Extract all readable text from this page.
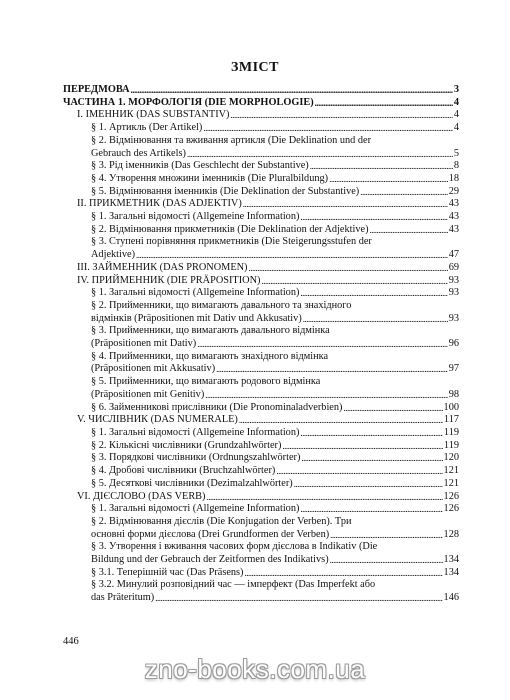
ЗМІСТ
ПЕРЕДМОВА .....	3
ЧАСТИНА 1. МОРФОЛОГІЯ (DIE MORPHOLOGIE) .....	4
I. ІМЕННИК (DAS SUBSTANTIV) .....	4
§ 1. Артикль (Der Artikel) .....	4
§ 2. Відмінювання та вживання артикля (Die Deklination und der
Gebrauch des Artikels) .....	5
§ 3. Рід іменників (Das Geschlecht der Substantive) .....	8
§ 4. Утворення множини іменників (Die Pluralbildung) .....	18
§ 5. Відмінювання іменників (Die Deklination der Substantive) .....	29
II. ПРИКМЕТНИК (DAS ADJEKTIV) .....	43
§ 1. Загальні відомості (Allgemeine Information) .....	43
§ 2. Відмінювання прикметників (Die Deklination der Adjektive) .....	43
§ 3. Ступені порівняння прикметників (Die Steigerungsstufen der
Adjektive) .....	47
III. ЗАЙМЕННИК (DAS PRONOMEN) .....	69
IV. ПРИЙМЕННИК (DIE PRÄPOSITION) .....	93
§ 1. Загальні відомості (Allgemeine Information) .....	93
§ 2. Прийменники, що вимагають давального та знахідного
відмінків (Präpositionen mit Dativ und Akkusativ) .....	93
§ 3. Прийменники, що вимагають давального відмінка
(Präpositionen mit Dativ) .....	96
§ 4. Прийменники, що вимагають знахідного відмінка
(Präpositionen mit Akkusativ) .....	97
§ 5. Прийменники, що вимагають родового відмінка
(Präpositionen mit Genitiv) .....	98
§ 6. Займенникові прислівники (Die Pronominaladverbien) .....	100
V. ЧИСЛІВНИК (DAS NUMERALE) .....	117
§ 1. Загальні відомості (Allgemeine Information) .....	119
§ 2. Кількісні числівники (Grundzahlwörter) .....	119
§ 3. Порядкові числівники (Ordnungszahlwörter) .....	120
§ 4. Дробові числівники (Bruchzahlwörter) .....	121
§ 5. Десяткові числівники (Dezimalzahlwörter) .....	121
VI. ДІЄСЛОВО (DAS VERB) .....	126
§ 1. Загальні відомості (Allgemeine Information) .....	126
§ 2. Відмінювання дієслів (Die Konjugation der Verben). Три
основні форми дієслова (Drei Grundformen der Verben) .....	128
§ 3. Утворення і вживання часових форм дієслова в Indikativ (Die
Bildung und der Gebrauch der Zeitformen des Indikativs) .....	134
§ 3.1. Теперішній час (Das Präsens) .....	134
§ 3.2. Минулий розповідний час — імперфект (Das Imperfekt або
das Präteritum) .....	146
446
zno-books.com.ua
